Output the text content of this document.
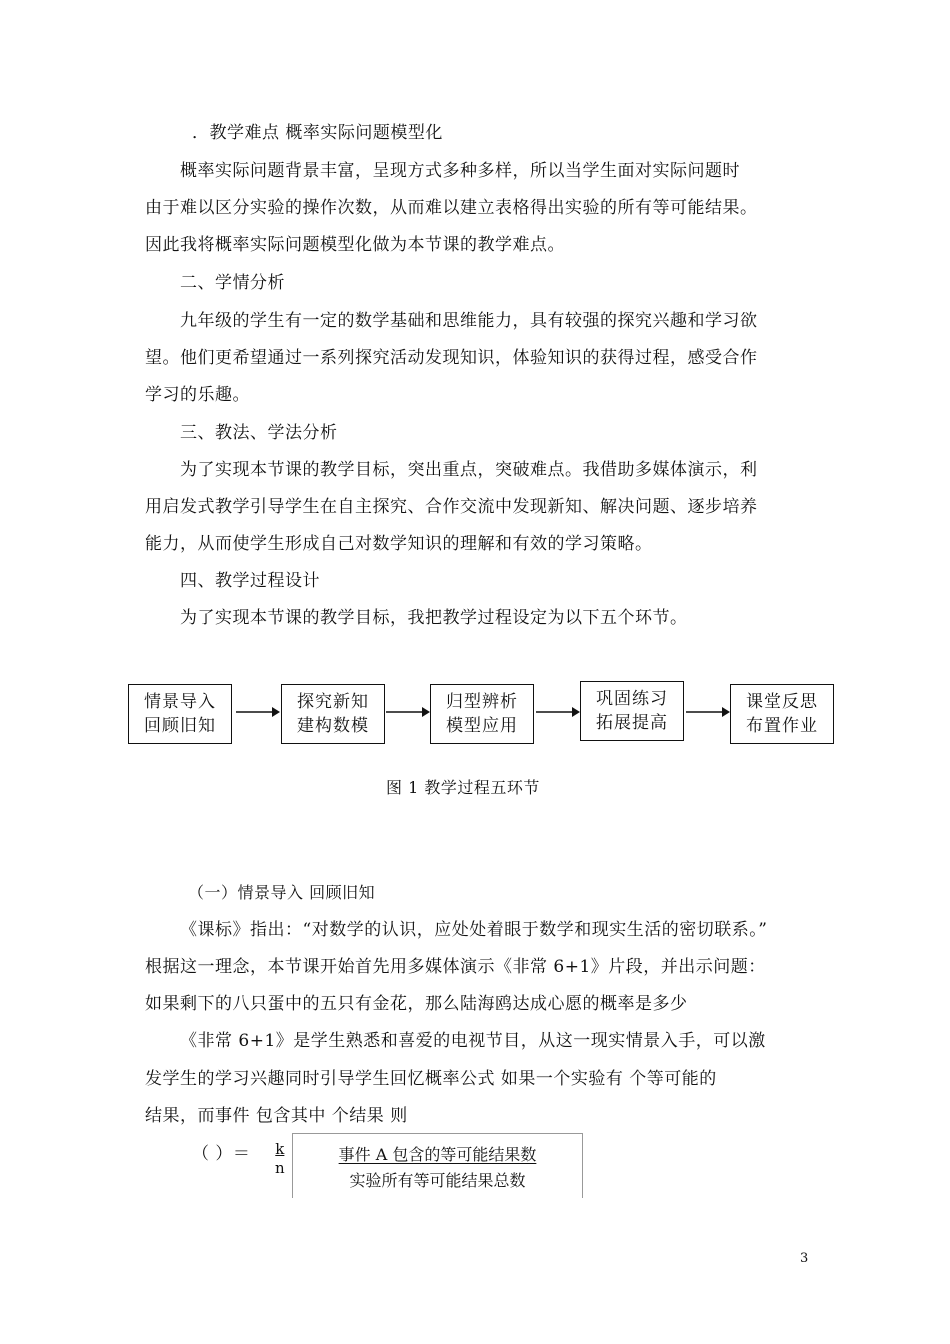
．教学难点 概率实际问题模型化
概率实际问题背景丰富，呈现方式多种多样，所以当学生面对实际问题时
由于难以区分实验的操作次数，从而难以建立表格得出实验的所有等可能结果。
因此我将概率实际问题模型化做为本节课的教学难点。
二、学情分析
九年级的学生有一定的数学基础和思维能力，具有较强的探究兴趣和学习欲
望。他们更希望通过一系列探究活动发现知识，体验知识的获得过程，感受合作
学习的乐趣。
三、教法、学法分析
为了实现本节课的教学目标，突出重点，突破难点。我借助多媒体演示，利
用启发式教学引导学生在自主探究、合作交流中发现新知、解决问题、逐步培养
能力，从而使学生形成自己对数学知识的理解和有效的学习策略。
四、教学过程设计
为了实现本节课的教学目标，我把教学过程设定为以下五个环节。
情景导入
回顾旧知
探究新知
建构数模
归型辨析
模型应用
巩固练习
拓展提高
课堂反思
布置作业
图 1 教学过程五环节
（一）情景导入 回顾旧知
《课标》指出：“对数学的认识，应处处着眼于数学和现实生活的密切联系。”
根据这一理念，本节课开始首先用多媒体演示《非常 6+1》片段，并出示问题：
如果剩下的八只蛋中的五只有金花，那么陆海鸥达成心愿的概率是多少
《非常 6+1》是学生熟悉和喜爱的电视节目，从这一现实情景入手，可以激
发学生的学习兴趣同时引导学生回忆概率公式 如果一个实验有 个等可能的
结果，而事件 包含其中 个结果 则
（ ）＝ k
n
事件 A 包含的等可能结果数
实验所有等可能结果总数
3
